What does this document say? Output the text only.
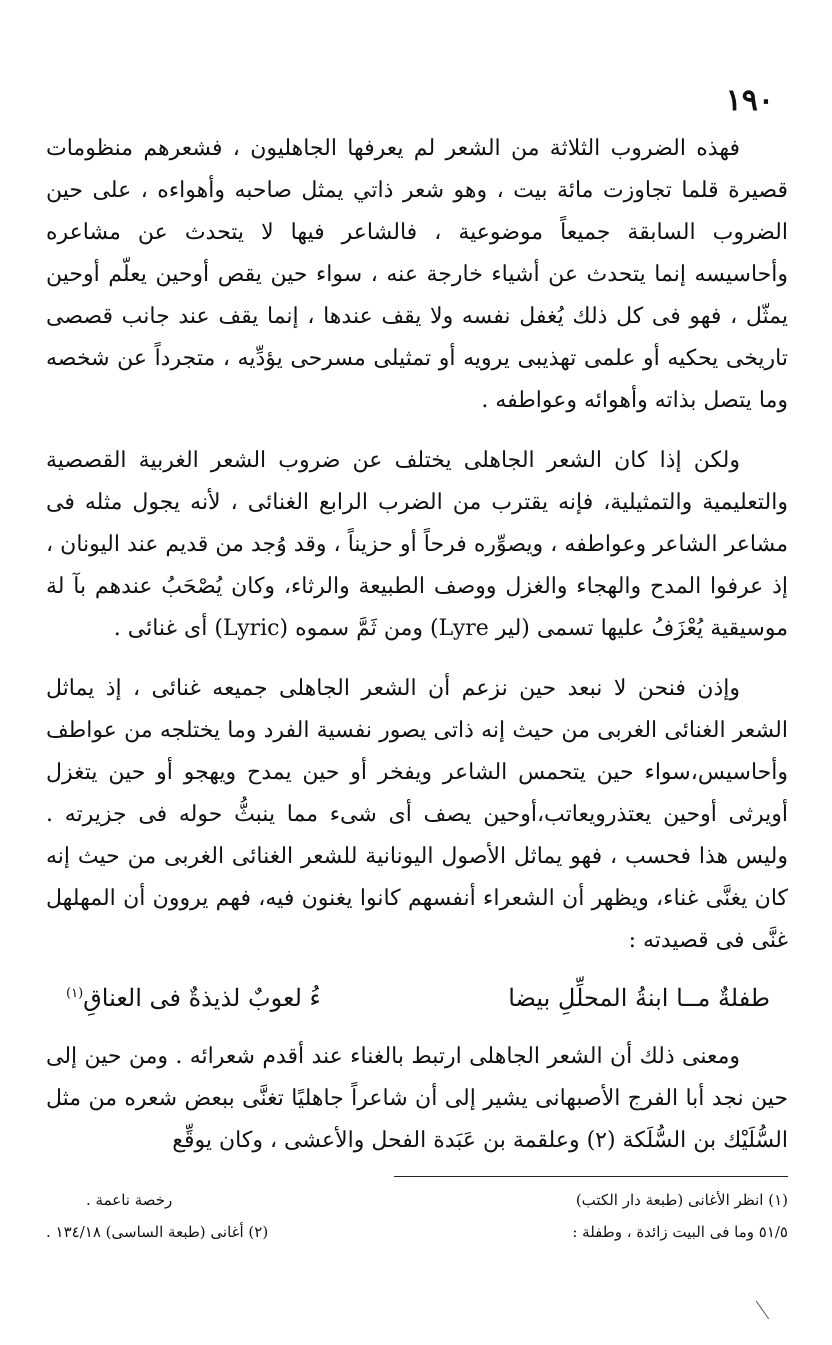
١٩٠

فهذه الضروب الثلاثة من الشعر لم يعرفها الجاهليون ، فشعرهم منظومات قصيرة قلما تجاوزت مائة بيت ، وهو شعر ذاتي يمثل صاحبه وأهواءه ، على حين الضروب السابقة جميعاً موضوعية ، فالشاعر فيها لا يتحدث عن مشاعره وأحاسيسه إنما يتحدث عن أشياء خارجة عنه ، سواء حين يقص أوحين يعلّم أوحين يمثّل ، فهو فى كل ذلك يُغفل نفسه ولا يقف عندها ، إنما يقف عند جانب قصصى تاريخى يحكيه أو علمى تهذيبى يرويه أو تمثيلى مسرحى يؤدِّيه ، متجرداً عن شخصه وما يتصل بذاته وأهوائه وعواطفه .

ولكن إذا كان الشعر الجاهلى يختلف عن ضروب الشعر الغربية القصصية والتعليمية والتمثيلية، فإنه يقترب من الضرب الرابع الغنائى ، لأنه يجول مثله فى مشاعر الشاعر وعواطفه ، ويصوِّره فرحاً أو حزيناً ، وقد وُجد من قديم عند اليونان ، إذ عرفوا المدح والهجاء والغزل ووصف الطبيعة والرثاء، وكان يُصْحَبُ عندهم بآ لة موسيقية يُعْزَفُ عليها تسمى (لير Lyre) ومن ثَمَّ سموه (Lyric) أى غنائى .

وإذن فنحن لا نبعد حين نزعم أن الشعر الجاهلى جميعه غنائى ، إذ يماثل الشعر الغنائى الغربى من حيث إنه ذاتى يصور نفسية الفرد وما يختلجه من عواطف وأحاسيس،سواء حين يتحمس الشاعر ويفخر أو حين يمدح ويهجو أو حين يتغزل أويرثى أوحين يعتذرويعاتب،أوحين يصف أى شىء مما ينبثُّ حوله فى جزيرته . وليس هذا فحسب ، فهو يماثل الأصول اليونانية للشعر الغنائى الغربى من حيث إنه كان يغنَّى غناء، ويظهر أن الشعراء أنفسهم كانوا يغنون فيه، فهم يروون أن المهلهل غنَّى فى قصيدته :

طفلةٌ مــا ابنةُ المحلِّلِ بيضا
ءُ لعوبٌ لذيذةٌ فى العناقِ$^{(١)}$

ومعنى ذلك أن الشعر الجاهلى ارتبط بالغناء عند أقدم شعرائه . ومن حين إلى حين نجد أبا الفرج الأصبهانى يشير إلى أن شاعراً جاهليًا تغنَّى ببعض شعره من مثل السُّلَيْك بن السُّلَكة (٢) وعلقمة بن عَبَدة الفحل والأعشى ، وكان يوقِّع

(١) انظر الأغانى (طبعة دار الكتب)
رخصة ناعمة .
٥١/٥ وما فى البيت زائدة ، وطفلة :
(٢) أغانى (طبعة الساسى) ١٣٤/١٨ .
